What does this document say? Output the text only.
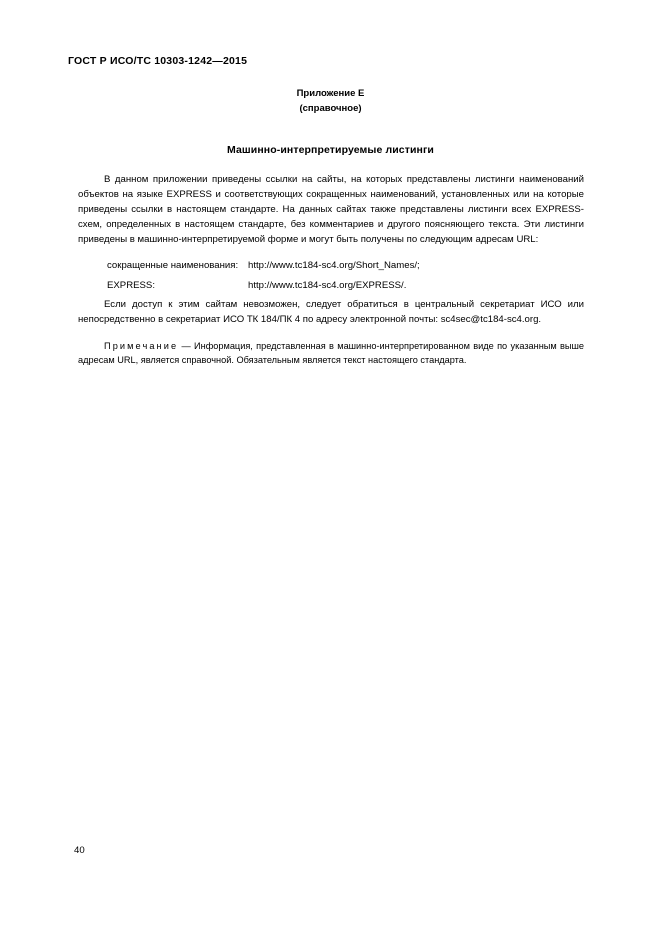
ГОСТ Р ИСО/ТС 10303-1242—2015
Приложение Е
(справочное)
Машинно-интерпретируемые листинги

В данном приложении приведены ссылки на сайты, на которых представлены листинги наименований объектов на языке EXPRESS и соответствующих сокращенных наименований, установленных или на которые приведены ссылки в настоящем стандарте. На данных сайтах также представлены листинги всех EXPRESS-схем, определенных в настоящем стандарте, без комментариев и другого поясняющего текста. Эти листинги приведены в машинно-интерпретируемой форме и могут быть получены по следующим адресам URL:

сокращенные наименования:	http://www.tc184-sc4.org/Short_Names/;
EXPRESS:	http://www.tc184-sc4.org/EXPRESS/.

Если доступ к этим сайтам невозможен, следует обратиться в центральный секретариат ИСО или непосредственно в секретариат ИСО ТК 184/ПК 4 по адресу электронной почты: sc4sec@tc184-sc4.org.

Примечание — Информация, представленная в машинно-интерпретированном виде по указанным выше адресам URL, является справочной. Обязательным является текст настоящего стандарта.

40
